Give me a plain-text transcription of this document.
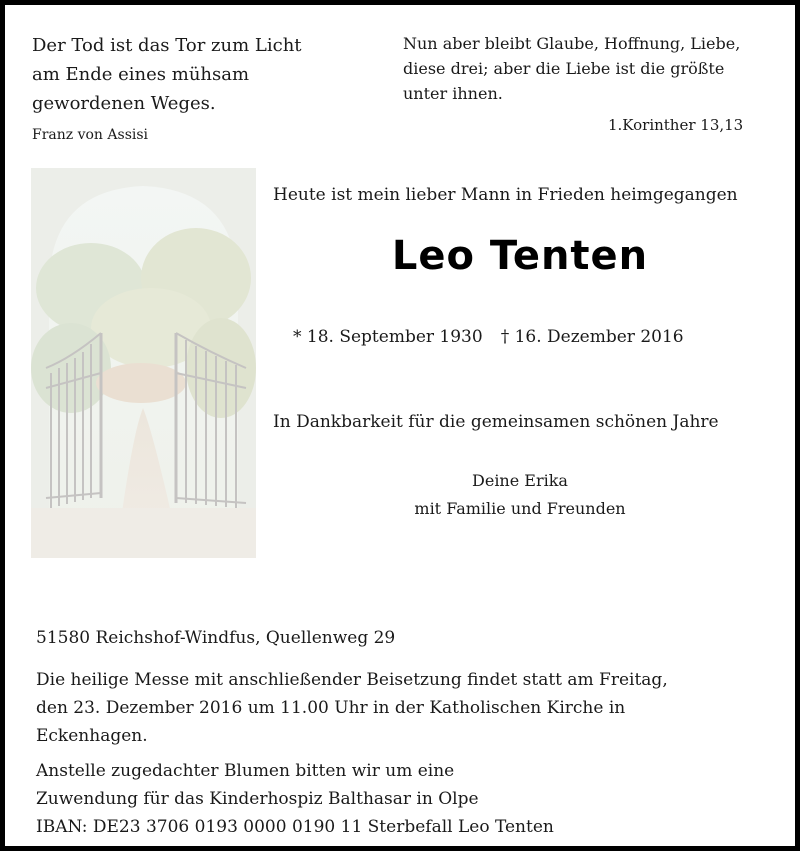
Der Tod ist das Tor zum Licht
am Ende eines mühsam
gewordenen Weges.
Franz von Assisi
Nun aber bleibt Glaube, Hoffnung, Liebe,
diese drei; aber die Liebe ist die größte
unter ihnen.
1.Korinther 13,13
Heute ist mein lieber Mann in Frieden heimgegangen
Leo Tenten
* 18. September 1930 † 16. Dezember 2016
In Dankbarkeit für die gemeinsamen schönen Jahre
Deine Erika
mit Familie und Freunden
51580 Reichshof-Windfus, Quellenweg 29
Die heilige Messe mit anschließender Beisetzung findet statt am Freitag,
den 23. Dezember 2016 um 11.00 Uhr in der Katholischen Kirche in
Eckenhagen.
Anstelle zugedachter Blumen bitten wir um eine
Zuwendung für das Kinderhospiz Balthasar in Olpe
IBAN: DE23 3706 0193 0000 0190 11 Sterbefall Leo Tenten
